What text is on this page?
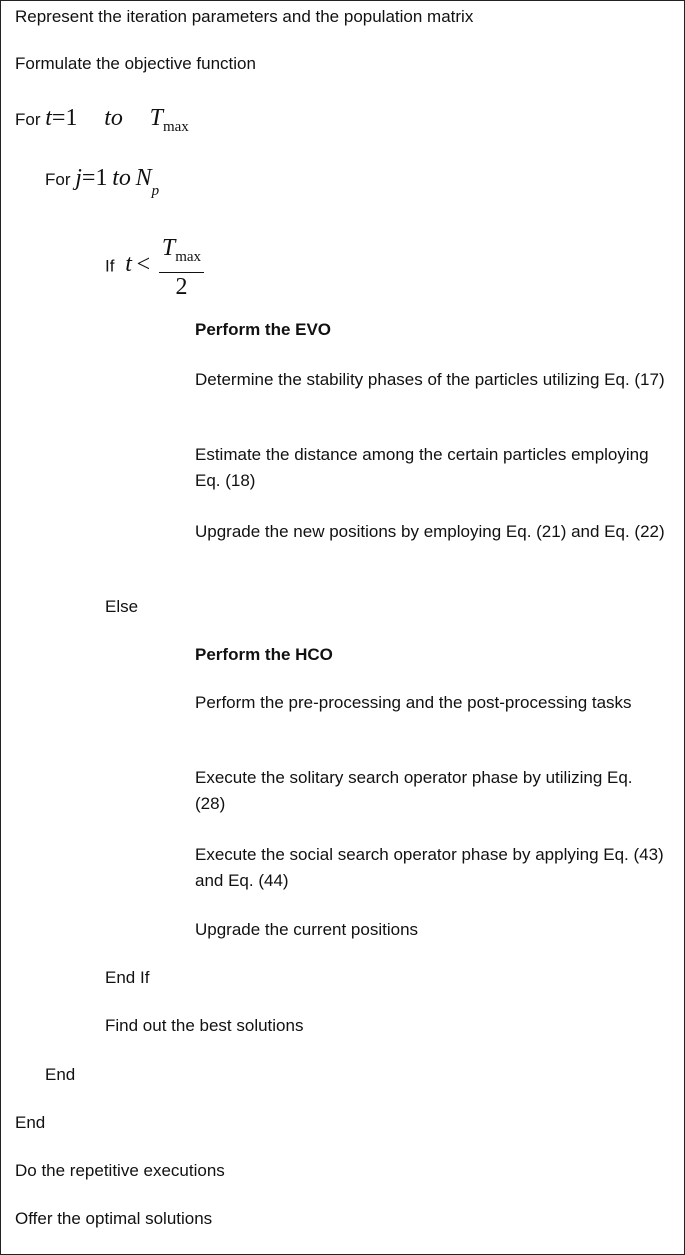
Represent the iteration parameters and the population matrix
Formulate the objective function
For t=1 to Tmax
For j=1 to Np
If $t < \frac{Tmax}{2}$
Perform the EVO
Determine the stability phases of the particles utilizing Eq. (17)
Estimate the distance among the certain particles employing Eq. (18)
Upgrade the new positions by employing Eq. (21) and Eq. (22)
Else
Perform the HCO
Perform the pre-processing and the post-processing tasks
Execute the solitary search operator phase by utilizing Eq. (28)
Execute the social search operator phase by applying Eq. (43) and Eq. (44)
Upgrade the current positions
End If
Find out the best solutions
End
End
Do the repetitive executions
Offer the optimal solutions
